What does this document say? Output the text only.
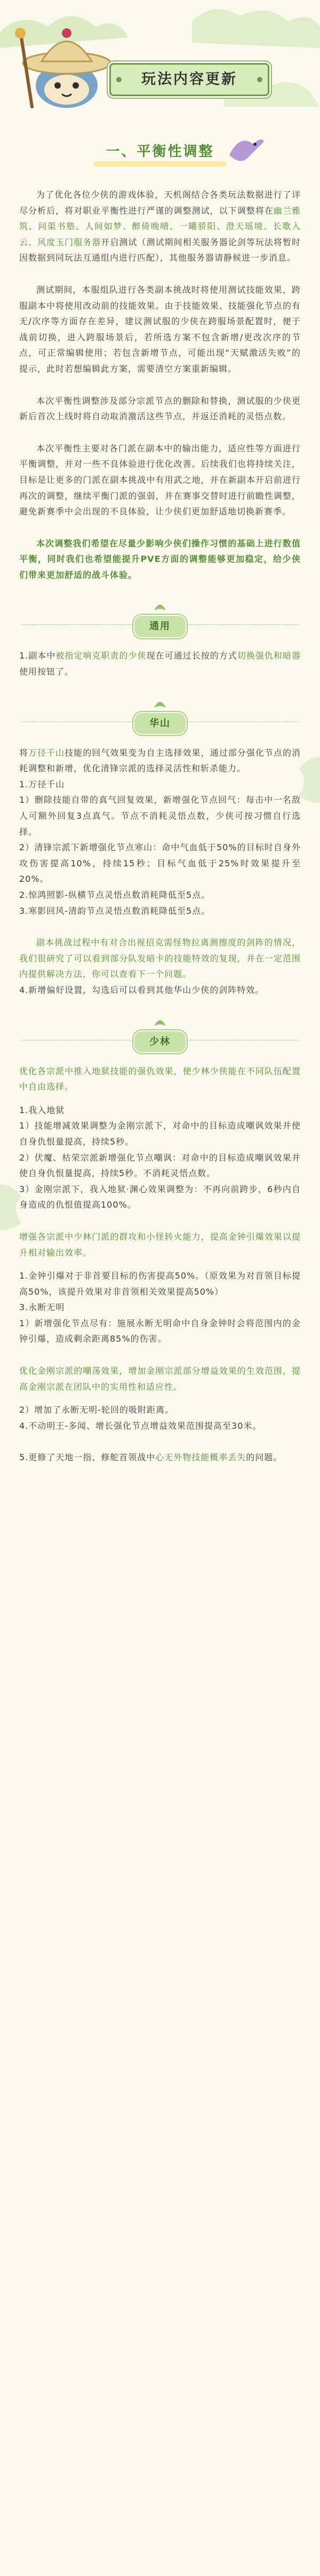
玩法内容更新
一、平衡性调整

为了优化各位少侠的游戏体验，天机阁结合各类玩法数据进行了详尽分析后，将对职业平衡性进行严谨的调整测试，以下调整将在幽兰雅筑、问渠书塾、人间如梦、醉倚晚晴、一曦骄阳、澄天瑶境、长歌入云、风度玉门服务器开启测试（测试期间相关服务器论剑等玩法将暂时因数据到同玩法互通组内进行匹配），其他服务器请静候进一步消息。

测试期间，本服组队进行各类副本挑战时将使用测试技能效果，跨服副本中将使用改动前的技能效果。由于技能效果、技能强化节点的有无/次序等方面存在差异，建议测试服的少侠在跨服场景配置时，便于战前切换，进入跨服场景后，若所选方案不包含新增/更改次序的节点，可正常编辑使用；若包含新增节点，可能出现“天赋激活失败”的提示，此时若想编辑此方案，需要清空方案重新编辑。

本次平衡性调整涉及部分宗派节点的删除和替换，测试服的少侠更新后首次上线时将自动取消激活这些节点，并返还消耗的灵悟点数。

本次平衡性主要对各门派在副本中的输出能力，适应性等方面进行平衡调整，并对一些不良体验进行优化改善。后续我们也将持续关注，目标是让更多的门派在副本挑战中有用武之地，并在新副本开启前进行再次的调整，继续平衡门派的强弱，并在赛事交替时进行前瞻性调整，避免新赛季中会出现的不良体验，让少侠们更加舒适地切换新赛季。

本次调整我们希望在尽量少影响少侠们操作习惯的基础上进行数值平衡，同时我们也希望能提升PVE方面的调整能够更加稳定，给少侠们带来更加舒适的战斗体验。

通用

1.副本中被指定响克职责的少侠现在可通过长按的方式切换强仇和暗器使用按钮了。

华山

将万径千山技能的回气效果变为自主选择效果，通过部分强化节点的消耗调整和新增，优化清锋宗派的选择灵活性和斩杀能力。

1.万径千山

1）删除技能自带的真气回复效果，新增强化节点回气：每击中一名敌人可额外回复3点真气。节点不消耗灵悟点数，少侠可按习惯自行选择。

2）清锋宗派下新增强化节点寒山：命中气血低于50%的目标时自身外攻伤害提高10%，持续15秒；目标气血低于25%时效果提升至20%。

2.惊鸿照影-纵横节点灵悟点数消耗降低至5点。

3.寒影回风-清韵节点灵悟点数消耗降低至5点。

副本挑战过程中有对合出视招克需怪物拉离测擦度的剑阵的情况，我们很研究了可以看到部分队发暗卡的技能特效的复现，并在一定范围内提供解决方法，你可以查看下一个问题。

4.新增偏好设置，勾选后可以看到其他华山少侠的剑阵特效。

少林

优化各宗派中推入地狱技能的强仇效果，使少林少侠能在不同队伍配置中自由选择。

1.我入地狱

1）技能增减效果调整为金刚宗派下，对命中的目标造成嘲讽效果并使自身仇恨量提高，持续5秒。

2）伏魔、枯荣宗派新增强化节点嘲讽：对命中的目标造成嘲讽效果并使自身仇恨量提高，持续5秒。不消耗灵悟点数。

3）金刚宗派下，我入地狱·渊心效果调整为：不再向前跨步，6秒内自身造成的仇恨值提高100%。

增强各宗派中少林门派的群攻和小怪转火能力，提高金钟引爆效果以提升相对输出效率。

1.金钟引爆对于非首要目标的伤害提高50%。（原效果为对首领目标提高50%，该提升效果对非首领相关效果提高50%）

3.永断无明

1）新增强化节点尽有：施展永断无明命中自身金钟时会将范围内的金钟引爆，造成剩余距离85%的伤害。

优化金刚宗派的嘲荡效果，增加金刚宗派部分增益效果的生效范围，提高金刚宗派在团队中的实用性和适应性。

2）增加了永断无明-轮回的吸附距离。

4.不动明王-多闻、增长强化节点增益效果范围提高至30米。

5.更修了天地一指、修舵首领战中心无外物技能概率丢失的问题。
